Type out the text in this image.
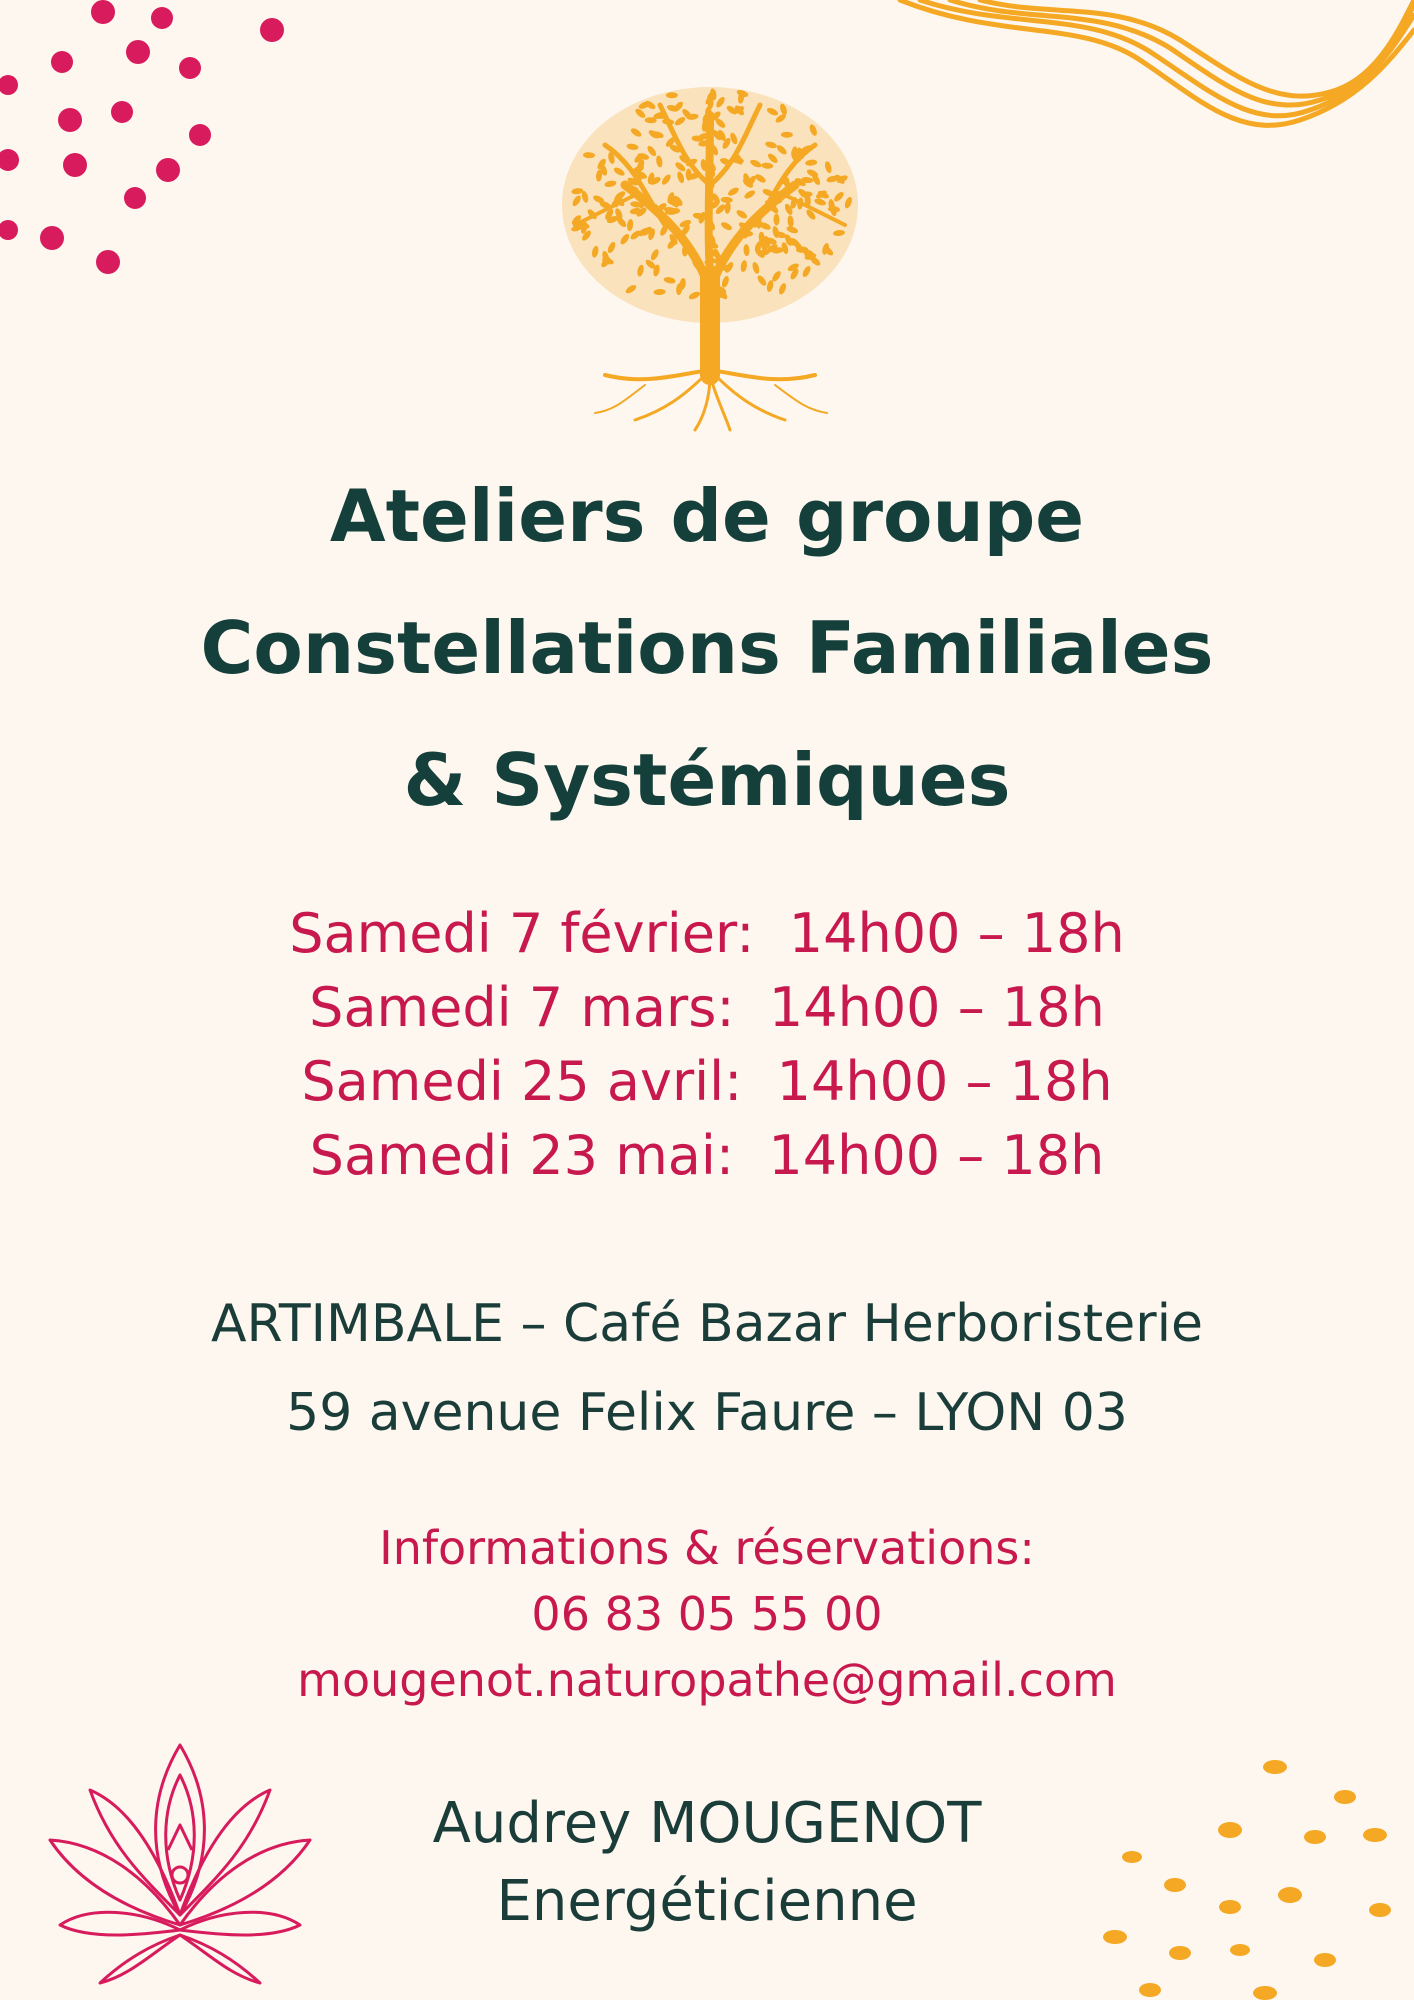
Ateliers de groupe
Constellations Familiales
& Systémiques
Samedi 7 février:  14h00 – 18h
Samedi 7 mars:  14h00 – 18h
Samedi 25 avril:  14h00 – 18h
Samedi 23 mai:  14h00 – 18h
ARTIMBALE – Café Bazar Herboristerie
59 avenue Felix Faure – LYON 03
Informations & réservations:
06 83 05 55 00
mougenot.naturopathe@gmail.com
Audrey MOUGENOT
Energéticienne
